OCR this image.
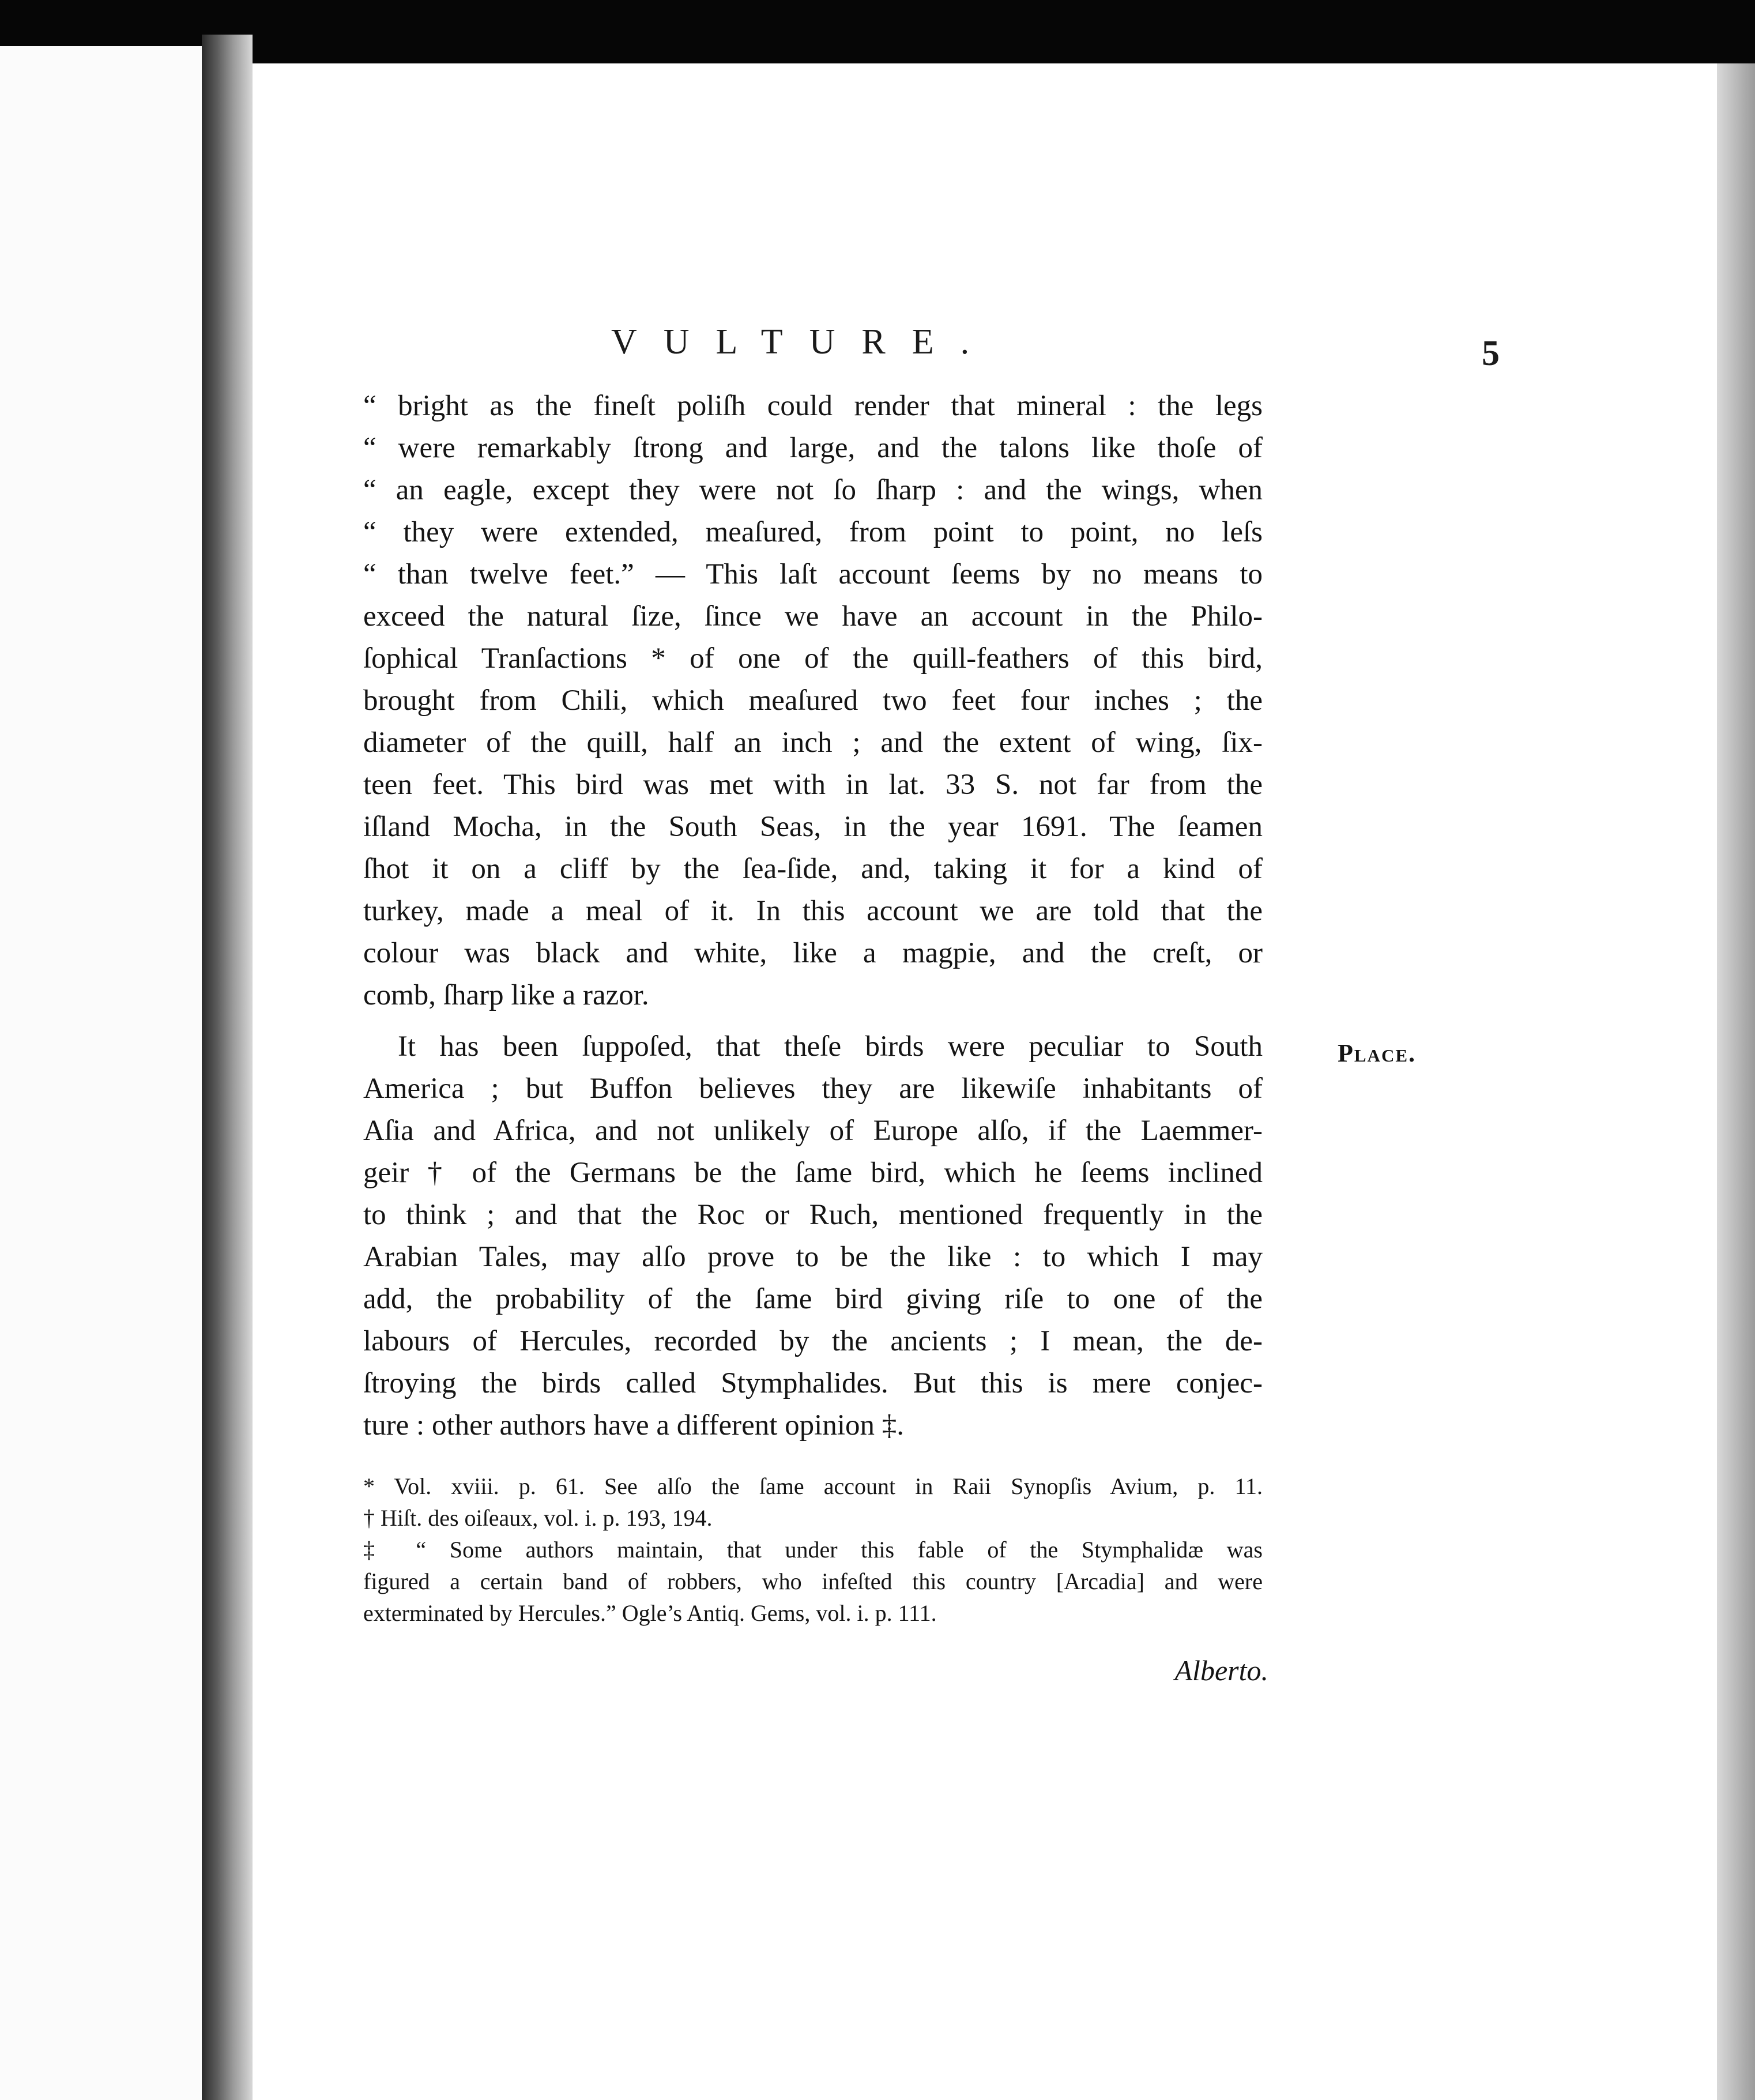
VULTURE.	5
“ bright as the fineſt poliſh could render that mineral : the legs
“ were remarkably ſtrong and large, and the talons like thoſe of
“ an eagle, except they were not ſo ſharp : and the wings, when
“ they were extended, meaſured, from point to point, no leſs
“ than twelve feet.” — This laſt account ſeems by no means to
exceed the natural ſize, ſince we have an account in the Philo-
ſophical Tranſactions * of one of the quill-feathers of this bird,
brought from Chili, which meaſured two feet four inches ; the
diameter of the quill, half an inch ; and the extent of wing, ſix-
teen feet. This bird was met with in lat. 33 S. not far from the
iſland Mocha, in the South Seas, in the year 1691. The ſeamen
ſhot it on a cliff by the ſea-ſide, and, taking it for a kind of
turkey, made a meal of it. In this account we are told that the
colour was black and white, like a magpie, and the creſt, or
comb, ſharp like a razor.
It has been ſuppoſed, that theſe birds were peculiar to South
America ; but Buffon believes they are likewiſe inhabitants of
Aſia and Africa, and not unlikely of Europe alſo, if the Laemmer-
geir † of the Germans be the ſame bird, which he ſeems inclined
to think ; and that the Roc or Ruch, mentioned frequently in the
Arabian Tales, may alſo prove to be the like : to which I may
add, the probability of the ſame bird giving riſe to one of the
labours of Hercules, recorded by the ancients ; I mean, the de-
ſtroying the birds called Stymphalides. But this is mere conjec-
ture : other authors have a different opinion ‡.
Place.
* Vol. xviii. p. 61. See alſo the ſame account in Raii Synopſis Avium, p. 11.
† Hiſt. des oiſeaux, vol. i. p. 193, 194.
‡ “ Some authors maintain, that under this fable of the Stymphalidæ was
figured a certain band of robbers, who infeſted this country [Arcadia] and were
exterminated by Hercules.” Ogle’s Antiq. Gems, vol. i. p. 111.
Alberto.
